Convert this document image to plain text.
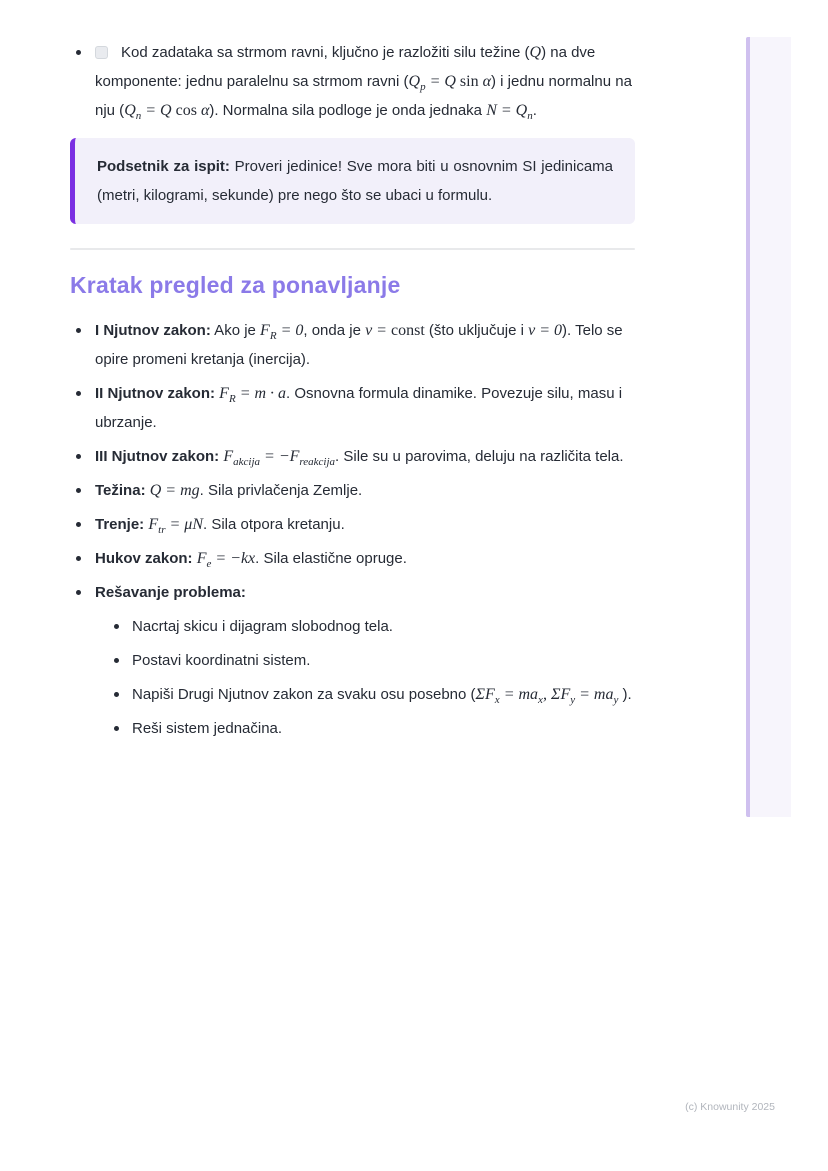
Kod zadataka sa strmom ravni, ključno je razložiti silu težine (Q) na dve komponente: jednu paralelnu sa strmom ravni ($Q_p = Q$ sin α) i jednu normalnu na nju ($Q_n = Q$ cos α). Normalna sila podloge je onda jednaka $N = Q_n$.
Podsetnik za ispit: Proveri jedinice! Sve mora biti u osnovnim SI jedinicama (metri, kilogrami, sekunde) pre nego što se ubaci u formulu.
Kratak pregled za ponavljanje
I Njutnov zakon: Ako je $F_R = 0$, onda je v = const (što uključuje i v = 0). Telo se opire promeni kretanja (inercija).
II Njutnov zakon: $F_R = m \cdot a$. Osnovna formula dinamike. Povezuje silu, masu i ubrzanje.
III Njutnov zakon: $F_{akcija} = -F_{reakcija}$. Sile su u parovima, deluju na različita tela.
Težina: Q = mg. Sila privlačenja Zemlje.
Trenje: $F_{tr} = \mu N$. Sila otpora kretanju.
Hukov zakon: $F_e = -kx$. Sila elastične opruge.
Rešavanje problema:
Nacrtaj skicu i dijagram slobodnog tela.
Postavi koordinatni sistem.
Napiši Drugi Njutnov zakon za svaku osu posebno ($\Sigma F_x = ma_x$, $\Sigma F_y = ma_y$ ).
Reši sistem jednačina.
(c) Knowunity 2025
